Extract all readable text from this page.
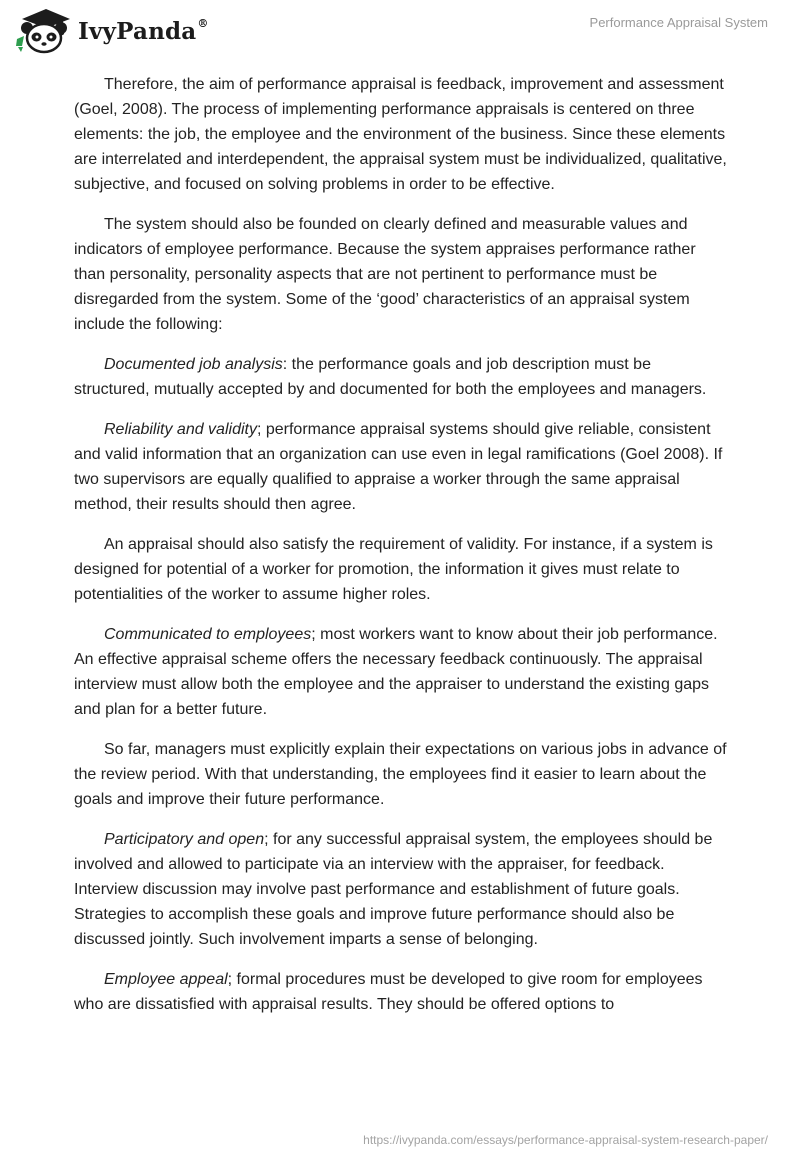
IvyPanda®	Performance Appraisal System

Therefore, the aim of performance appraisal is feedback, improvement and assessment (Goel, 2008). The process of implementing performance appraisals is centered on three elements: the job, the employee and the environment of the business. Since these elements are interrelated and interdependent, the appraisal system must be individualized, qualitative, subjective, and focused on solving problems in order to be effective.

The system should also be founded on clearly defined and measurable values and indicators of employee performance. Because the system appraises performance rather than personality, personality aspects that are not pertinent to performance must be disregarded from the system. Some of the ‘good’ characteristics of an appraisal system include the following:

Documented job analysis: the performance goals and job description must be structured, mutually accepted by and documented for both the employees and managers.

Reliability and validity; performance appraisal systems should give reliable, consistent and valid information that an organization can use even in legal ramifications (Goel 2008). If two supervisors are equally qualified to appraise a worker through the same appraisal method, their results should then agree.

An appraisal should also satisfy the requirement of validity. For instance, if a system is designed for potential of a worker for promotion, the information it gives must relate to potentialities of the worker to assume higher roles.

Communicated to employees; most workers want to know about their job performance. An effective appraisal scheme offers the necessary feedback continuously. The appraisal interview must allow both the employee and the appraiser to understand the existing gaps and plan for a better future.

So far, managers must explicitly explain their expectations on various jobs in advance of the review period. With that understanding, the employees find it easier to learn about the goals and improve their future performance.

Participatory and open; for any successful appraisal system, the employees should be involved and allowed to participate via an interview with the appraiser, for feedback. Interview discussion may involve past performance and establishment of future goals. Strategies to accomplish these goals and improve future performance should also be discussed jointly. Such involvement imparts a sense of belonging.

Employee appeal; formal procedures must be developed to give room for employees who are dissatisfied with appraisal results. They should be offered options to

https://ivypanda.com/essays/performance-appraisal-system-research-paper/
